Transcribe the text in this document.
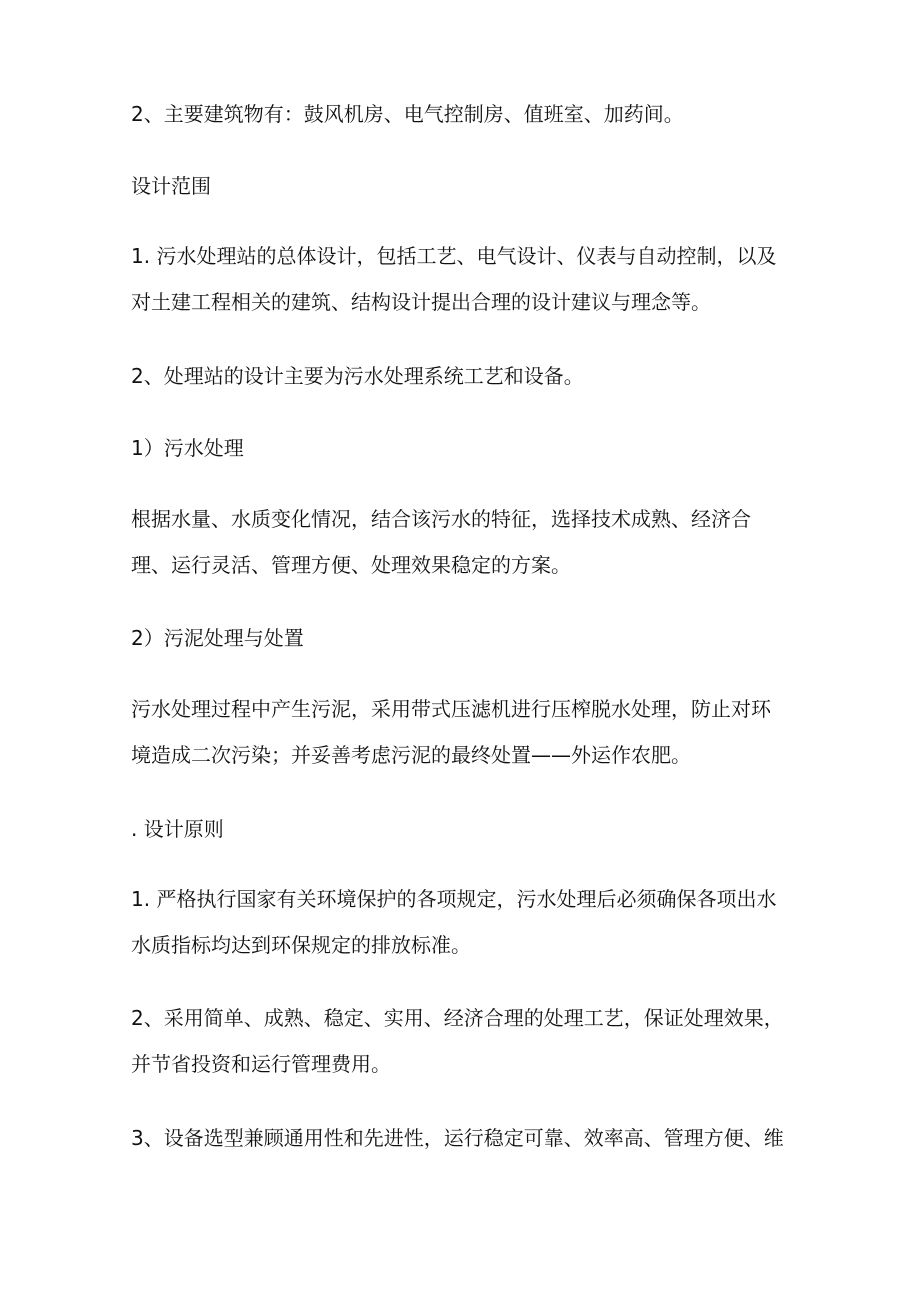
2、主要建筑物有：鼓风机房、电气控制房、值班室、加药间。

设计范围

1. 污水处理站的总体设计，包括工艺、电气设计、仪表与自动控制，以及

对土建工程相关的建筑、结构设计提出合理的设计建议与理念等。

2、处理站的设计主要为污水处理系统工艺和设备。

1）污水处理

根据水量、水质变化情况，结合该污水的特征，选择技术成熟、经济合

理、运行灵活、管理方便、处理效果稳定的方案。

2）污泥处理与处置

污水处理过程中产生污泥，采用带式压滤机进行压榨脱水处理，防止对环

境造成二次污染；并妥善考虑污泥的最终处置——外运作农肥。

. 设计原则

1. 严格执行国家有关环境保护的各项规定，污水处理后必须确保各项出水

水质指标均达到环保规定的排放标准。

2、采用简单、成熟、稳定、实用、经济合理的处理工艺，保证处理效果，

并节省投资和运行管理费用。

3、设备选型兼顾通用性和先进性，运行稳定可靠、效率高、管理方便、维
